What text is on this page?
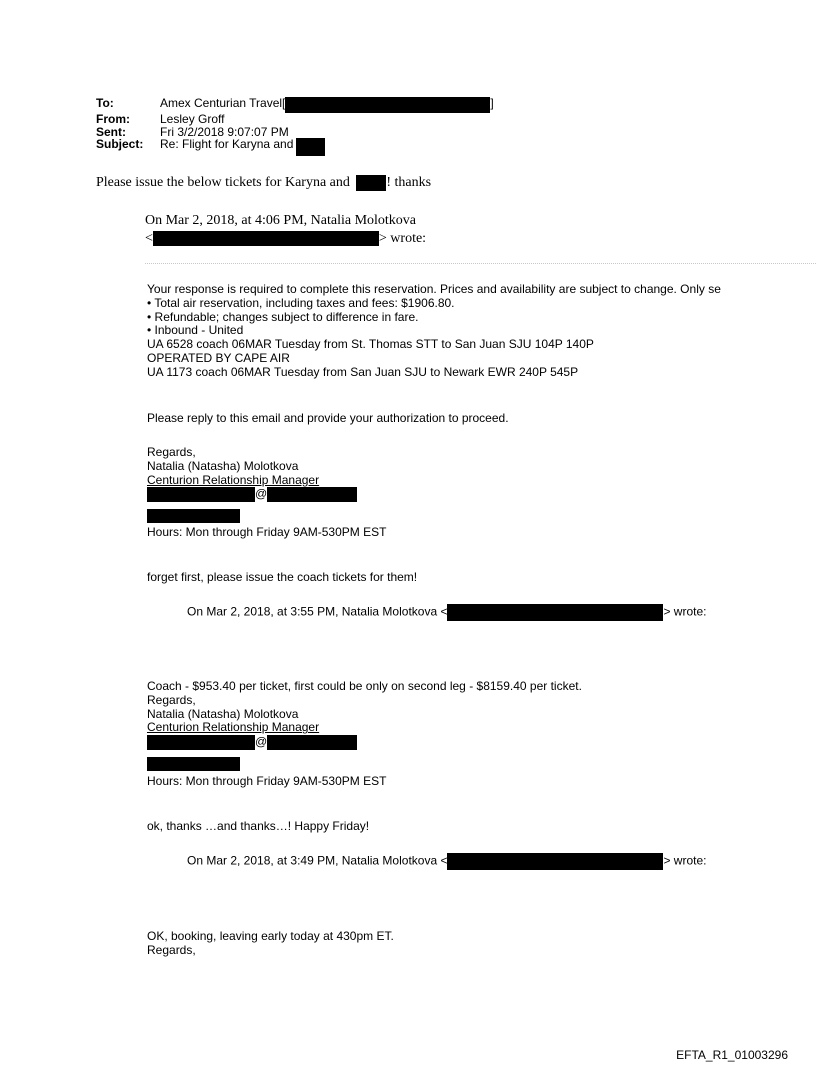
To:	Amex Centurian Travel[	]
From:	Lesley Groff
Sent:	Fri 3/2/2018 9:07:07 PM
Subject:	Re: Flight for Karyna and
Please issue the below tickets for Karyna and	! thanks
On Mar 2, 2018, at 4:06 PM, Natalia Molotkova
<	> wrote:
Your response is required to complete this reservation. Prices and availability are subject to change. Only se
• Total air reservation, including taxes and fees: $1906.80.
• Refundable; changes subject to difference in fare.
• Inbound - United
UA 6528 coach 06MAR Tuesday from St. Thomas STT to San Juan SJU 104P 140P
OPERATED BY CAPE AIR
UA 1173 coach 06MAR Tuesday from San Juan SJU to Newark EWR 240P 545P
Please reply to this email and provide your authorization to proceed.
Regards,
Natalia (Natasha) Molotkova
Centurion Relationship Manager
@
Hours: Mon through Friday 9AM-530PM EST
forget first, please issue the coach tickets for them!
On Mar 2, 2018, at 3:55 PM, Natalia Molotkova <	> wrote:
Coach - $953.40 per ticket, first could be only on second leg - $8159.40 per ticket.
Regards,
Natalia (Natasha) Molotkova
Centurion Relationship Manager
@
Hours: Mon through Friday 9AM-530PM EST
ok, thanks …and thanks…! Happy Friday!
On Mar 2, 2018, at 3:49 PM, Natalia Molotkova <	> wrote:
OK, booking, leaving early today at 430pm ET.
Regards,
EFTA_R1_01003296
